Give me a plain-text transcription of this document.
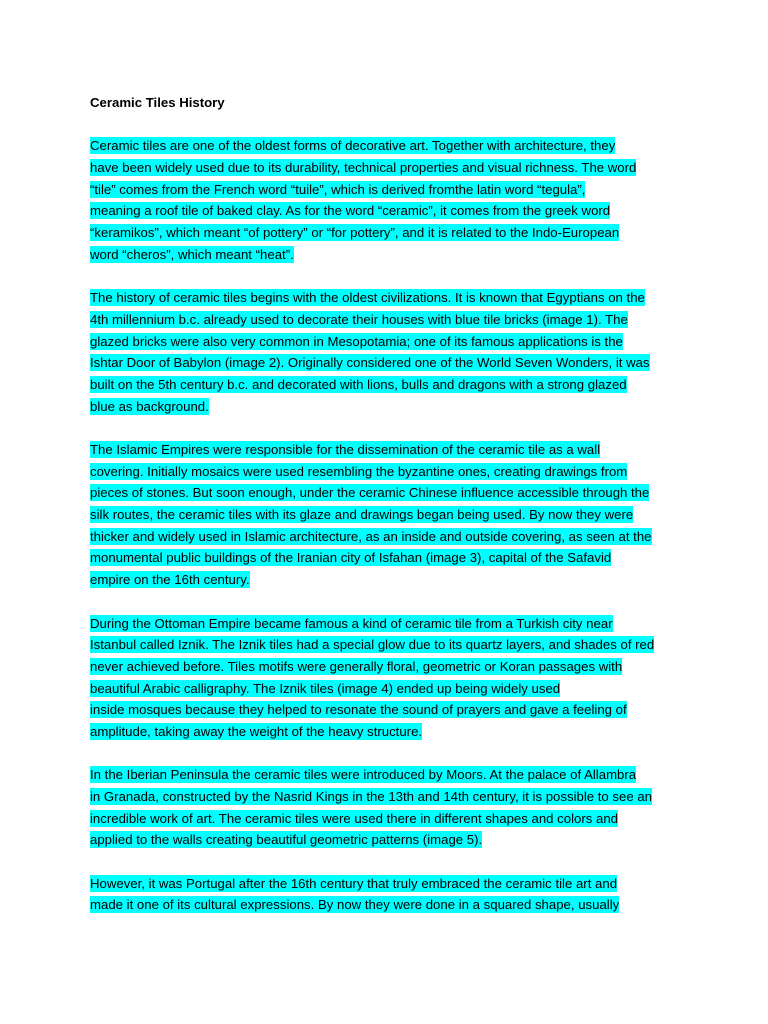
Ceramic Tiles History
Ceramic tiles are one of the oldest forms of decorative art. Together with architecture, they
have been widely used due to its durability, technical properties and visual richness. The word
“tile” comes from the French word “tuile”, which is derived fromthe latin word “tegula”,
meaning a roof tile of baked clay. As for the word “ceramic”, it comes from the greek word
“keramikos”, which meant “of pottery” or “for pottery”, and it is related to the Indo-European
word “cheros”, which meant “heat”.
The history of ceramic tiles begins with the oldest civilizations. It is known that Egyptians on the
4th millennium b.c. already used to decorate their houses with blue tile bricks (image 1). The
glazed bricks were also very common in Mesopotamia; one of its famous applications is the
Ishtar Door of Babylon (image 2). Originally considered one of the World Seven Wonders, it was
built on the 5th century b.c. and decorated with lions, bulls and dragons with a strong glazed
blue as background.
The Islamic Empires were responsible for the dissemination of the ceramic tile as a wall
covering. Initially mosaics were used resembling the byzantine ones, creating drawings from
pieces of stones. But soon enough, under the ceramic Chinese influence accessible through the
silk routes, the ceramic tiles with its glaze and drawings began being used. By now they were
thicker and widely used in Islamic architecture, as an inside and outside covering, as seen at the
monumental public buildings of the Iranian city of Isfahan (image 3), capital of the Safavid
empire on the 16th century.
During the Ottoman Empire became famous a kind of ceramic tile from a Turkish city near
Istanbul called Iznik. The Iznik tiles had a special glow due to its quartz layers, and shades of red
never achieved before. Tiles motifs were generally floral, geometric or Koran passages with
beautiful Arabic calligraphy. The Iznik tiles (image 4) ended up being widely used
inside mosques because they helped to resonate the sound of prayers and gave a feeling of
amplitude, taking away the weight of the heavy structure.
In the Iberian Peninsula the ceramic tiles were introduced by Moors. At the palace of Allambra
in Granada, constructed by the Nasrid Kings in the 13th and 14th century, it is possible to see an
incredible work of art. The ceramic tiles were used there in different shapes and colors and
applied to the walls creating beautiful geometric patterns (image 5).
However, it was Portugal after the 16th century that truly embraced the ceramic tile art and
made it one of its cultural expressions. By now they were done in a squared shape, usually
